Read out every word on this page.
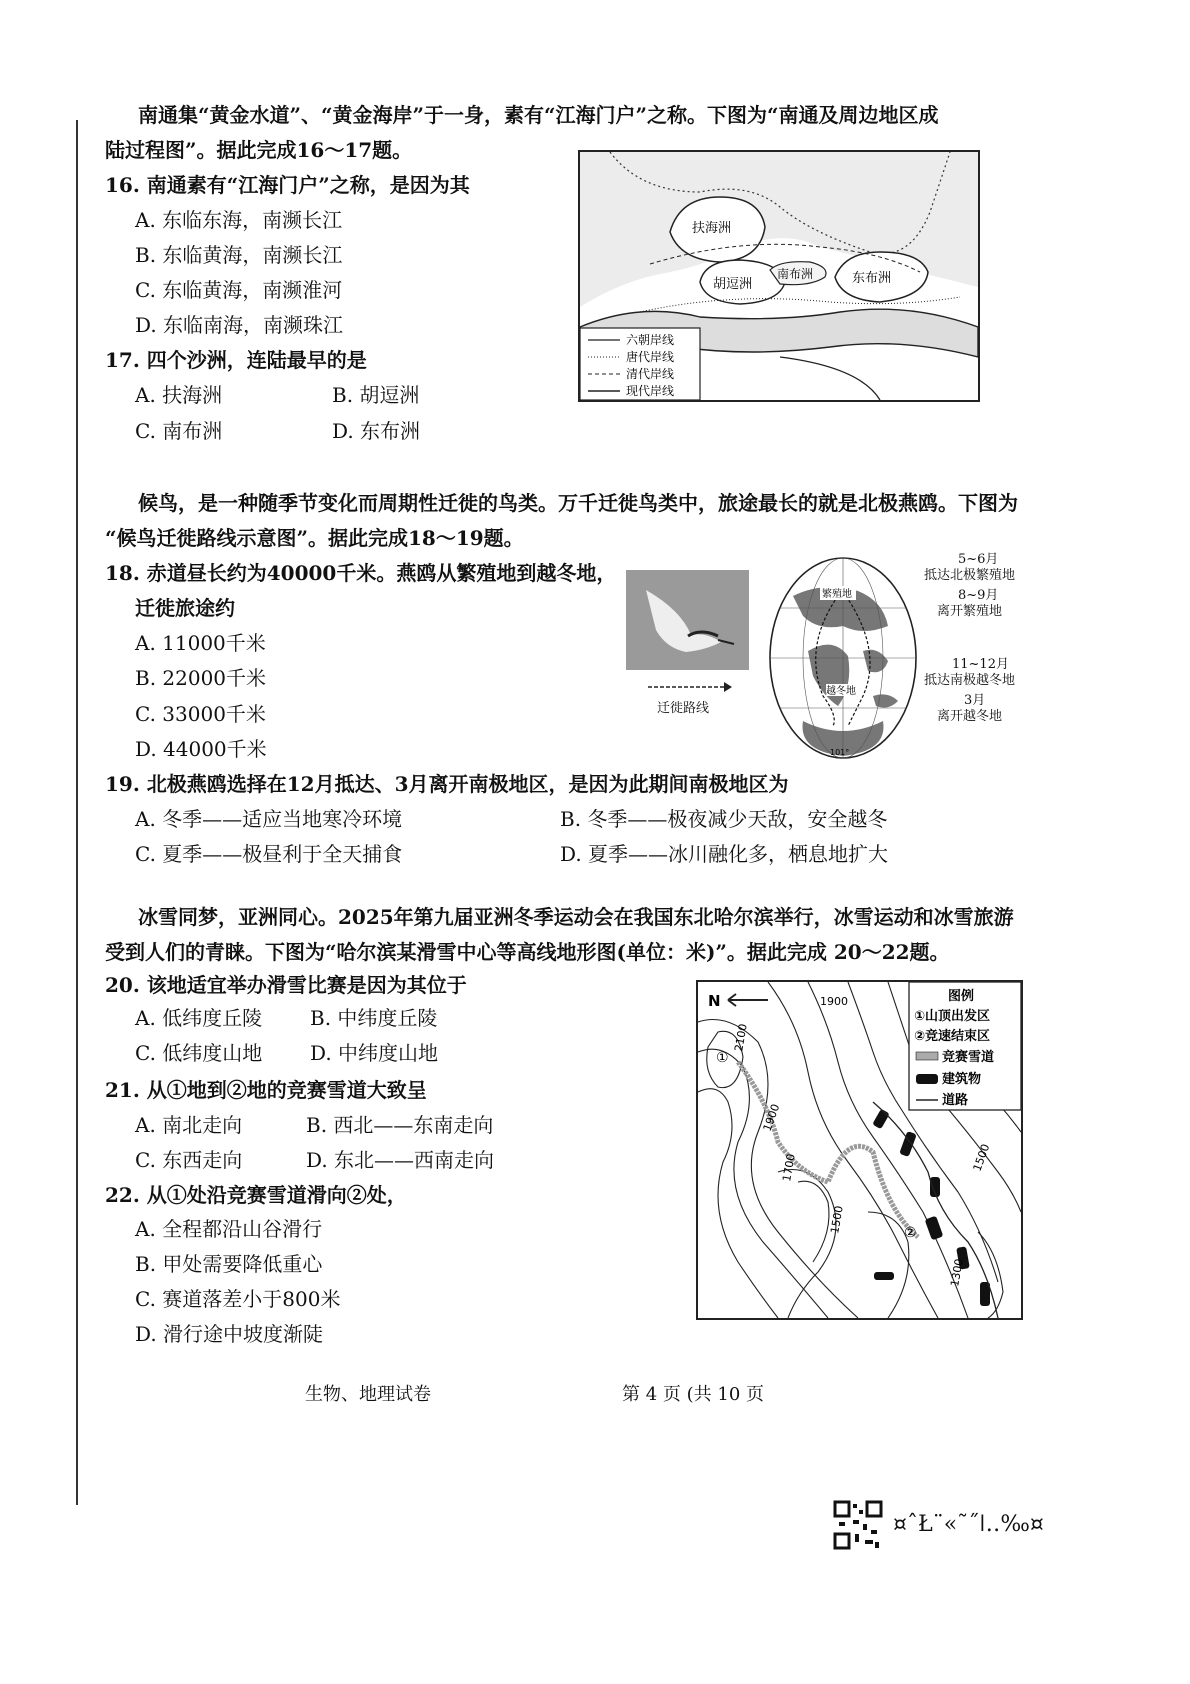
南通集“黄金水道”、“黄金海岸”于一身，素有“江海门户”之称。下图为“南通及周边地区成
陆过程图”。据此完成16～17题。
16. 南通素有“江海门户”之称，是因为其
A. 东临东海，南濒长江
B. 东临黄海，南濒长江
C. 东临黄海，南濒淮河
D. 东临南海，南濒珠江
17. 四个沙洲，连陆最早的是
A. 扶海洲	B. 胡逗洲
C. 南布洲	D. 东布洲
扶海洲
胡逗洲
南布洲	东布洲
六朝岸线
唐代岸线
清代岸线
现代岸线
候鸟，是一种随季节变化而周期性迁徙的鸟类。万千迁徙鸟类中，旅途最长的就是北极燕鸥。下图为
“候鸟迁徙路线示意图”。据此完成18～19题。
18. 赤道昼长约为40000千米。燕鸥从繁殖地到越冬地，
迁徙旅途约
A. 11000千米
B. 22000千米
C. 33000千米
D. 44000千米
迁徙路线
繁殖地
越冬地
101°
5~6月
抵达北极繁殖地
8~9月
离开繁殖地
11~12月
抵达南极越冬地
3月
离开越冬地
19. 北极燕鸥选择在12月抵达、3月离开南极地区，是因为此期间南极地区为
A. 冬季——适应当地寒冷环境	B. 冬季——极夜减少天敌，安全越冬
C. 夏季——极昼利于全天捕食	D. 夏季——冰川融化多，栖息地扩大
冰雪同梦，亚洲同心。2025年第九届亚洲冬季运动会在我国东北哈尔滨举行，冰雪运动和冰雪旅游
受到人们的青睐。下图为“哈尔滨某滑雪中心等高线地形图(单位：米)”。据此完成 20～22题。
20. 该地适宜举办滑雪比赛是因为其位于
A. 低纬度丘陵 B. 中纬度丘陵
C. 低纬度山地 D. 中纬度山地
21. 从①地到②地的竞赛雪道大致呈
A. 南北走向	B. 西北——东南走向
C. 东西走向	D. 东北——西南走向
22. 从①处沿竞赛雪道滑向②处，
A. 全程都沿山谷滑行
B. 甲处需要降低重心
C. 赛道落差小于800米
D. 滑行途中坡度渐陡
N	1900
2100
1900
1700
1500
1500
1300
①
②
图例
①山顶出发区
②竞速结束区
竞赛雪道
建筑物
道路
生物、地理试卷	第 4 页 (共 10 页
¤ˆŁ¨«˜˝ǀ‥‰¤
